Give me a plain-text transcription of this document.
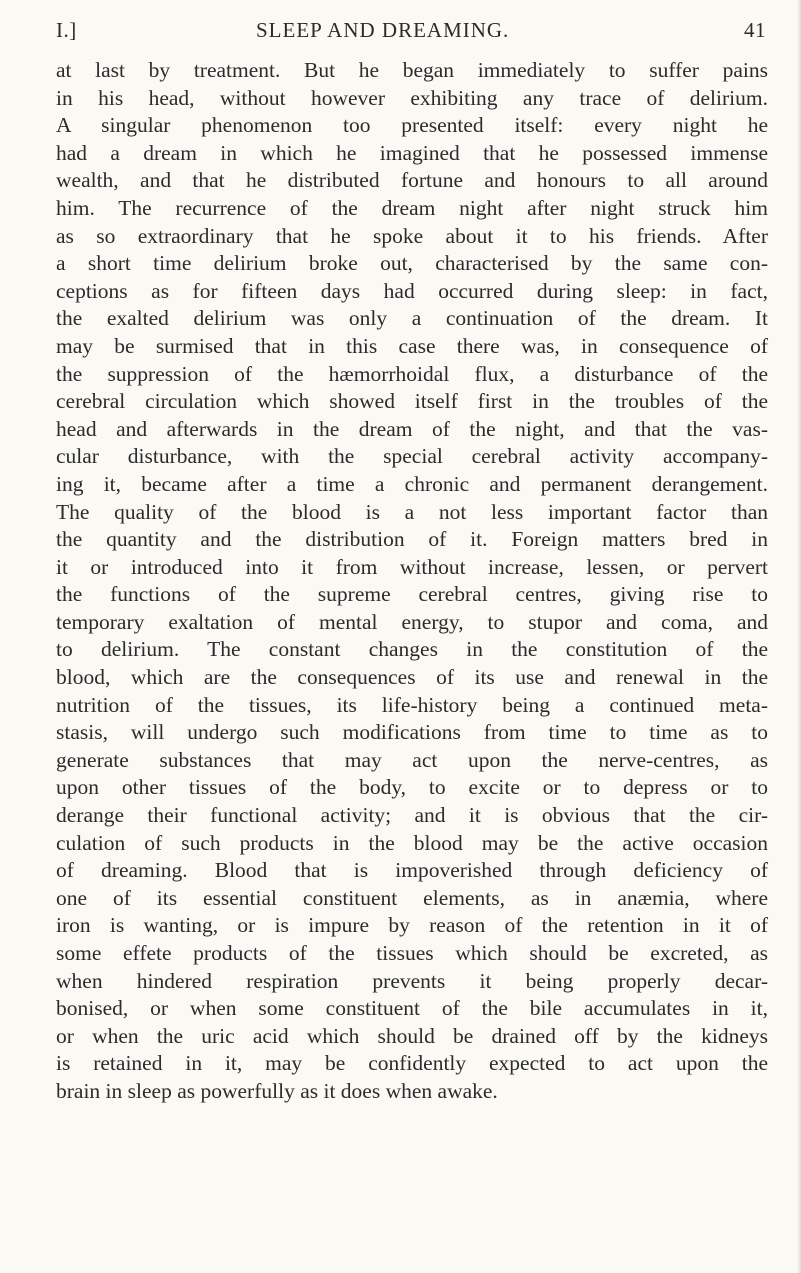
I.]	SLEEP AND DREAMING.	41
at last by treatment. But he began immediately to suffer pains
in his head, without however exhibiting any trace of delirium.
A singular phenomenon too presented itself: every night he
had a dream in which he imagined that he possessed immense
wealth, and that he distributed fortune and honours to all around
him. The recurrence of the dream night after night struck him
as so extraordinary that he spoke about it to his friends. After
a short time delirium broke out, characterised by the same con-
ceptions as for fifteen days had occurred during sleep: in fact,
the exalted delirium was only a continuation of the dream. It
may be surmised that in this case there was, in consequence of
the suppression of the hæmorrhoidal flux, a disturbance of the
cerebral circulation which showed itself first in the troubles of the
head and afterwards in the dream of the night, and that the vas-
cular disturbance, with the special cerebral activity accompany-
ing it, became after a time a chronic and permanent derangement.
The quality of the blood is a not less important factor than
the quantity and the distribution of it. Foreign matters bred in
it or introduced into it from without increase, lessen, or pervert
the functions of the supreme cerebral centres, giving rise to
temporary exaltation of mental energy, to stupor and coma, and
to delirium. The constant changes in the constitution of the
blood, which are the consequences of its use and renewal in the
nutrition of the tissues, its life-history being a continued meta-
stasis, will undergo such modifications from time to time as to
generate substances that may act upon the nerve-centres, as
upon other tissues of the body, to excite or to depress or to
derange their functional activity; and it is obvious that the cir-
culation of such products in the blood may be the active occasion
of dreaming. Blood that is impoverished through deficiency of
one of its essential constituent elements, as in anæmia, where
iron is wanting, or is impure by reason of the retention in it of
some effete products of the tissues which should be excreted, as
when hindered respiration prevents it being properly decar-
bonised, or when some constituent of the bile accumulates in it,
or when the uric acid which should be drained off by the kidneys
is retained in it, may be confidently expected to act upon the
brain in sleep as powerfully as it does when awake.
